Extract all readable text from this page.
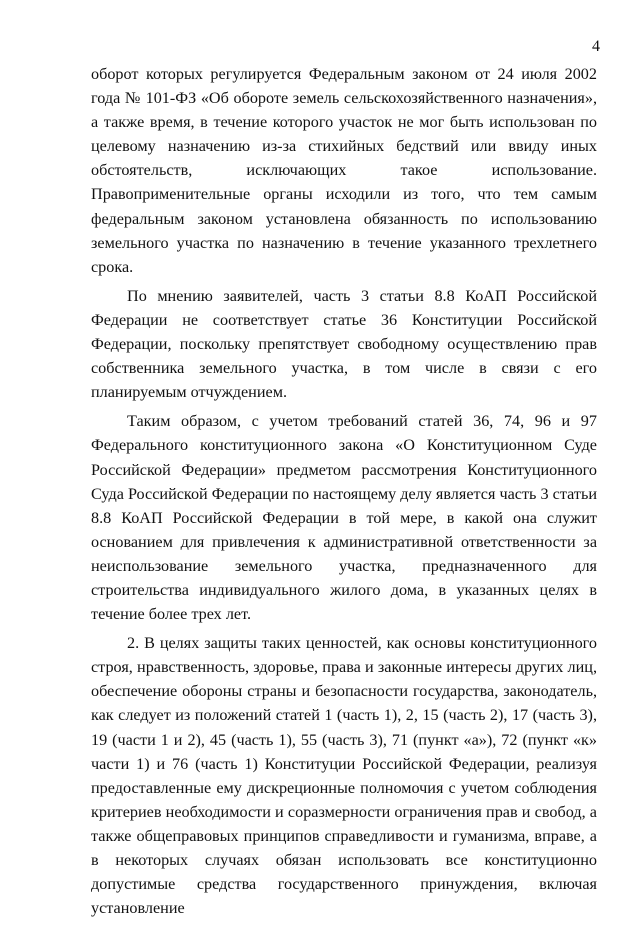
4

оборот которых регулируется Федеральным законом от 24 июля 2002 года № 101-ФЗ «Об обороте земель сельскохозяйственного назначения», а также время, в течение которого участок не мог быть использован по целевому назначению из-за стихийных бедствий или ввиду иных обстоятельств, исключающих такое использование. Правоприменительные органы исходили из того, что тем самым федеральным законом установлена обязанность по использованию земельного участка по назначению в течение указанного трехлетнего срока.

По мнению заявителей, часть 3 статьи 8.8 КоАП Российской Федерации не соответствует статье 36 Конституции Российской Федерации, поскольку препятствует свободному осуществлению прав собственника земельного участка, в том числе в связи с его планируемым отчуждением.

Таким образом, с учетом требований статей 36, 74, 96 и 97 Федерального конституционного закона «О Конституционном Суде Российской Федерации» предметом рассмотрения Конституционного Суда Российской Федерации по настоящему делу является часть 3 статьи 8.8 КоАП Российской Федерации в той мере, в какой она служит основанием для привлечения к административной ответственности за неиспользование земельного участка, предназначенного для строительства индивидуального жилого дома, в указанных целях в течение более трех лет.

2. В целях защиты таких ценностей, как основы конституционного строя, нравственность, здоровье, права и законные интересы других лиц, обеспечение обороны страны и безопасности государства, законодатель, как следует из положений статей 1 (часть 1), 2, 15 (часть 2), 17 (часть 3), 19 (части 1 и 2), 45 (часть 1), 55 (часть 3), 71 (пункт «а»), 72 (пункт «к» части 1) и 76 (часть 1) Конституции Российской Федерации, реализуя предоставленные ему дискреционные полномочия с учетом соблюдения критериев необходимости и соразмерности ограничения прав и свобод, а также общеправовых принципов справедливости и гуманизма, вправе, а в некоторых случаях обязан использовать все конституционно допустимые средства государственного принуждения, включая установление
